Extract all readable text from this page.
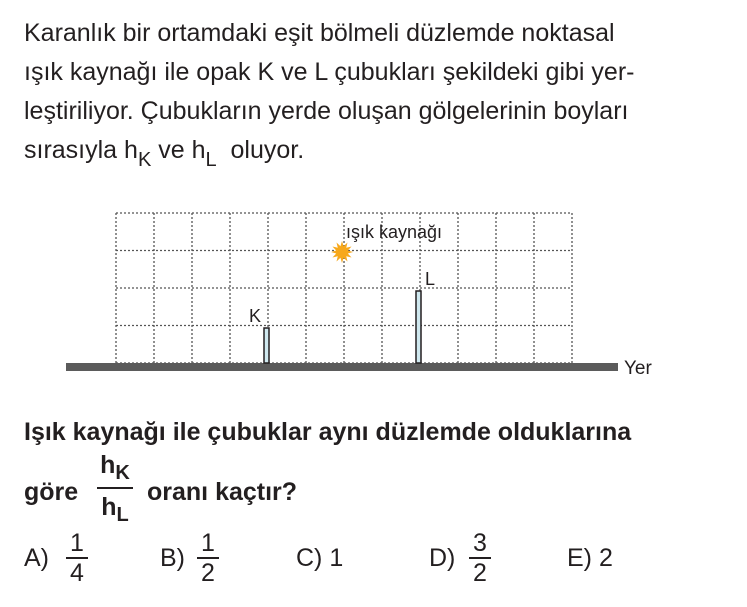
Karanlık bir ortamdaki eşit bölmeli düzlemde noktasal
ışık kaynağı ile opak K ve L çubukları şekildeki gibi yer-
leştiriliyor. Çubukların yerde oluşan gölgelerinin boyları
sırasıyla $h_K$ ve $h_L$  oluyor.
ışık kaynağı
K
L
Yer
Işık kaynağı ile çubuklar aynı düzlemde olduklarına
göre
$h_K$
$h_L$
oranı kaçtır?
A)
1
4
B)
1
2
C) 1	D)
3
2
E) 2
